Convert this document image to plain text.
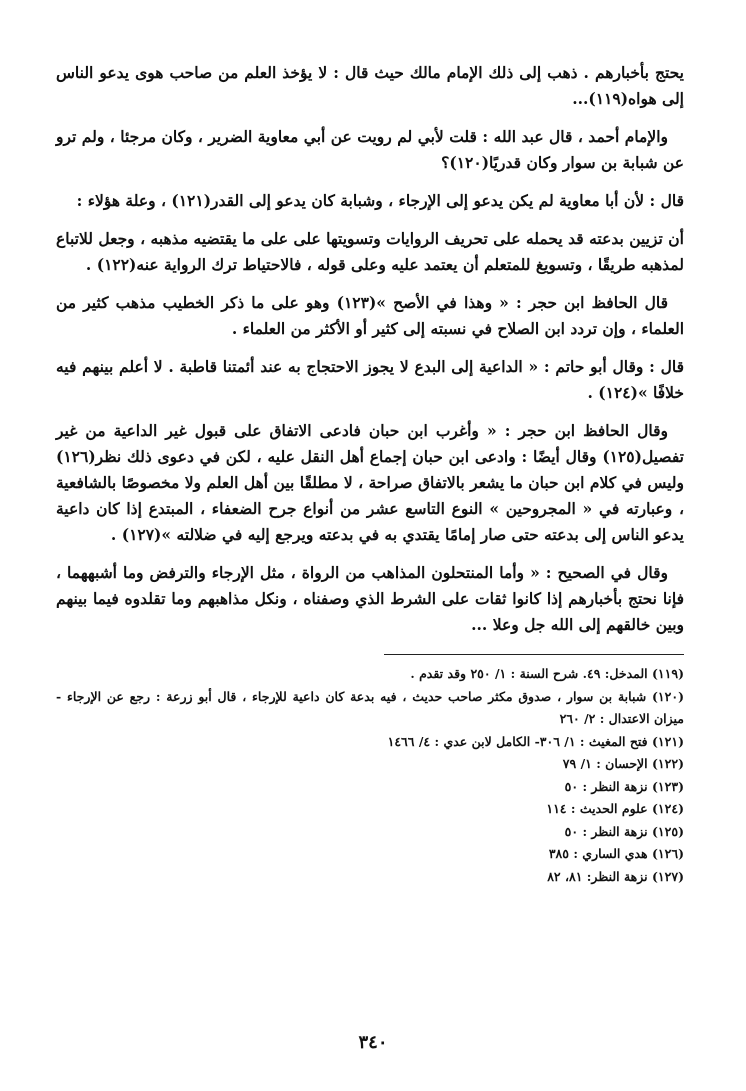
يحتج بأخبارهم . ذهب إلى ذلك الإمام مالك حيث قال : لا يؤخذ العلم من صاحب هوى يدعو الناس إلى هواه(١١٩)...

والإمام أحمد ، قال عبد الله : قلت لأبي لم رويت عن أبي معاوية الضرير ، وكان مرجئا ، ولم ترو عن شبابة بن سوار وكان قدريًا(١٢٠)؟

قال : لأن أبا معاوية لم يكن يدعو إلى الإرجاء ، وشبابة كان يدعو إلى القدر(١٢١) ، وعلة هؤلاء :

أن تزيين بدعته قد يحمله على تحريف الروايات وتسويتها على على ما يقتضيه مذهبه ، وجعل للاتباع لمذهبه طريقًا ، وتسويغ للمتعلم أن يعتمد عليه وعلى قوله ، فالاحتياط ترك الرواية عنه(١٢٢) .

قال الحافظ ابن حجر : « وهذا في الأصح »(١٢٣) وهو على ما ذكر الخطيب مذهب كثير من العلماء ، وإن تردد ابن الصلاح في نسبته إلى كثير أو الأكثر من العلماء .

قال : وقال أبو حاتم : « الداعية إلى البدع لا يجوز الاحتجاج به عند أئمتنا قاطبة . لا أعلم بينهم فيه خلافًا »(١٢٤) .

وقال الحافظ ابن حجر : « وأغرب ابن حبان فادعى الاتفاق على قبول غير الداعية من غير تفصيل(١٢٥) وقال أيضًا : وادعى ابن حبان إجماع أهل النقل عليه ، لكن في دعوى ذلك نظر(١٢٦) وليس في كلام ابن حبان ما يشعر بالاتفاق صراحة ، لا مطلقًا بين أهل العلم ولا مخصوصًا بالشافعية ، وعبارته في « المجروحين » النوع التاسع عشر من أنواع جرح الضعفاء ، المبتدع إذا كان داعية يدعو الناس إلى بدعته حتى صار إمامًا يقتدي به في بدعته ويرجع إليه في ضلالته »(١٢٧) .

وقال في الصحيح : « وأما المنتحلون المذاهب من الرواة ، مثل الإرجاء والترفض وما أشبههما ، فإنا نحتج بأخبارهم إذا كانوا ثقات على الشرط الذي وصفناه ، ونكل مذاهبهم وما تقلدوه فيما بينهم وبين خالقهم إلى الله جل وعلا ...

(١١٩) المدخل: ٤٩. شرح السنة : ١/ ٢٥٠ وقد تقدم .
(١٢٠) شبابة بن سوار ، صدوق مكثر صاحب حديث ، فيه بدعة كان داعية للإرجاء ، قال أبو زرعة : رجع عن الإرجاء - ميزان الاعتدال : ٢/ ٢٦٠
(١٢١) فتح المغيث : ١/ ٣٠٦- الكامل لابن عدي : ٤/ ١٤٦٦
(١٢٢) الإحسان : ١/ ٧٩
(١٢٣) نزهة النظر : ٥٠
(١٢٤) علوم الحديث : ١١٤
(١٢٥) نزهة النظر : ٥٠
(١٢٦) هدي الساري : ٣٨٥
(١٢٧) نزهة النظر: ٨١، ٨٢
٣٤٠
